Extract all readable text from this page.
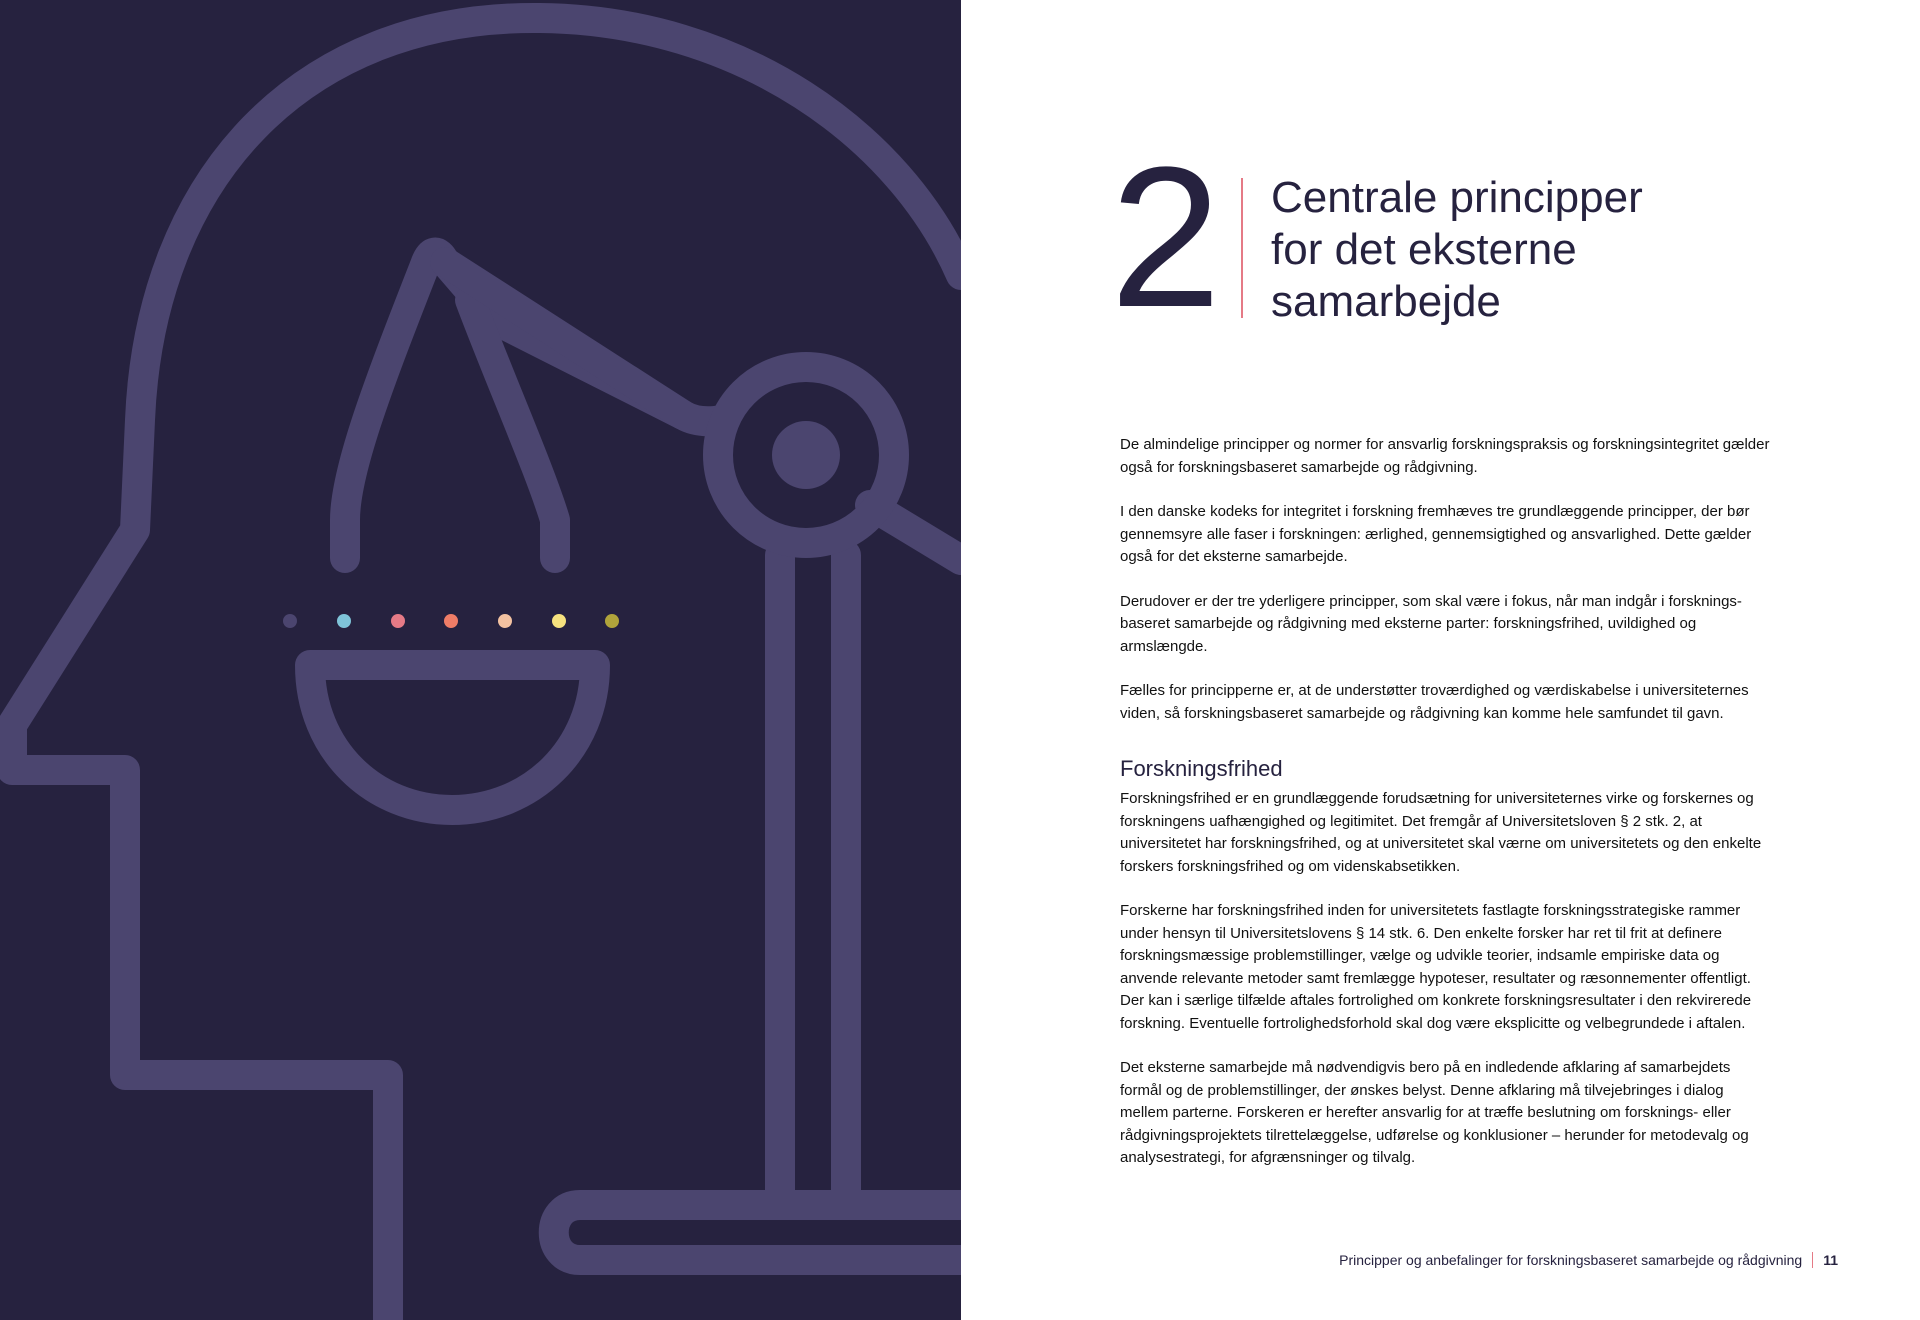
2 Centrale principper
for det eksterne
samarbejde

De almindelige principper og normer for ansvarlig forskningspraksis og forskningsintegritet gælder også for forskningsbaseret samarbejde og rådgivning.

I den danske kodeks for integritet i forskning fremhæves tre grundlæggende principper, der bør gennemsyre alle faser i forskningen: ærlighed, gennemsigtighed og ansvarlighed. Dette gælder også for det eksterne samarbejde.

Derudover er der tre yderligere principper, som skal være i fokus, når man indgår i forsknings- baseret samarbejde og rådgivning med eksterne parter: forskningsfrihed, uvildighed og armslængde.

Fælles for principperne er, at de understøtter troværdighed og værdiskabelse i universiteternes viden, så forskningsbaseret samarbejde og rådgivning kan komme hele samfundet til gavn.

Forskningsfrihed

Forskningsfrihed er en grundlæggende forudsætning for universiteternes virke og forskernes og forskningens uafhængighed og legitimitet. Det fremgår af Universitetsloven § 2 stk. 2, at universitetet har forskningsfrihed, og at universitetet skal værne om universitetets og den enkelte forskers forskningsfrihed og om videnskabsetikken.

Forskerne har forskningsfrihed inden for universitetets fastlagte forskningsstrategiske rammer under hensyn til Universitetslovens § 14 stk. 6. Den enkelte forsker har ret til frit at definere forskningsmæssige problemstillinger, vælge og udvikle teorier, indsamle empiriske data og anvende relevante metoder samt fremlægge hypoteser, resultater og ræsonnementer offentligt. Der kan i særlige tilfælde aftales fortrolighed om konkrete forskningsresultater i den rekvirerede forskning. Eventuelle fortrolighedsforhold skal dog være eksplicitte og velbegrundede i aftalen.

Det eksterne samarbejde må nødvendigvis bero på en indledende afklaring af samarbejdets formål og de problemstillinger, der ønskes belyst. Denne afklaring må tilvejebringes i dialog mellem parterne. Forskeren er herefter ansvarlig for at træffe beslutning om forsknings- eller rådgivningsprojektets tilrettelæggelse, udførelse og konklusioner – herunder for metodevalg og analysestrategi, for afgrænsninger og tilvalg.

Principper og anbefalinger for forskningsbaseret samarbejde og rådgivning 11
